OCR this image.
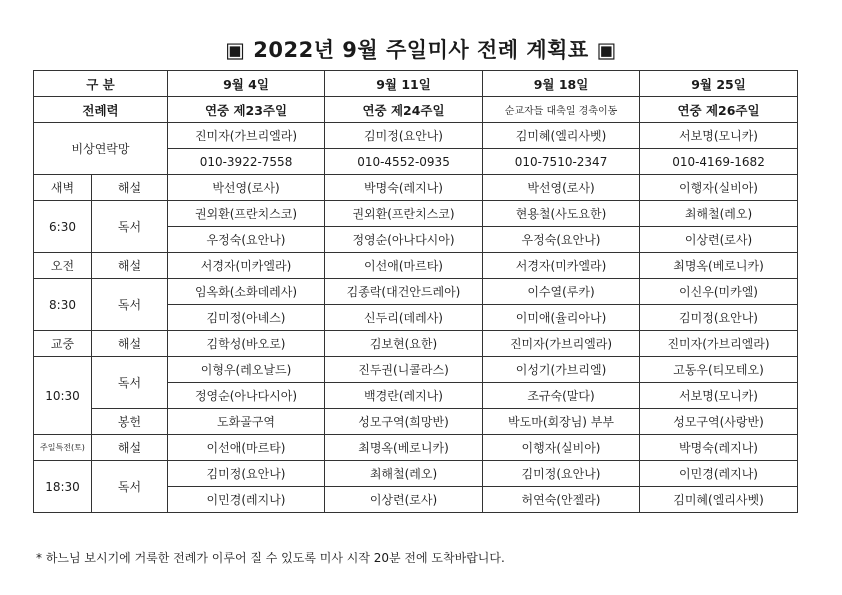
▣ 2022년 9월 주일미사 전례 계획표 ▣
구 분		9월 4일	9월 11일	9월 18일	9월 25일
전례력		연중 제23주일	연중 제24주일	순교자들 대축일 경축이동	연중 제26주일
비상연락망		진미자(가브리엘라)	김미정(요안나)	김미혜(엘리사벳)	서보명(모니카)
		010-3922-7558	010-4552-0935	010-7510-2347	010-4169-1682
새벽	해설	박선영(로사)	박명숙(레지나)	박선영(로사)	이행자(실비아)
6:30	독서	권외환(프란치스코)	권외환(프란치스코)	현용철(사도요한)	최해철(레오)
		우정숙(요안나)	정영순(아나다시아)	우정숙(요안나)	이상련(로사)
오전	해설	서경자(미카엘라)	이선애(마르타)	서경자(미카엘라)	최명옥(베로니카)
8:30	독서	임옥화(소화데레사)	김종락(대건안드레아)	이수열(루카)	이신우(미카엘)
		김미정(아녜스)	신두리(데레사)	이미애(율리아나)	김미정(요안나)
교중	해설	김학성(바오로)	김보현(요한)	진미자(가브리엘라)	진미자(가브리엘라)
10:30	독서	이형우(레오날드)	진두권(니콜라스)	이성기(가브리엘)	고동우(티모테오)
		정영순(아나다시아)	백경란(레지나)	조규숙(말다)	서보명(모니카)
	봉헌	도화골구역	성모구역(희망반)	박도마(회장님) 부부	성모구역(사랑반)
주일특전(토)	해설	이선애(마르타)	최명옥(베로니카)	이행자(실비아)	박명숙(레지나)
18:30	독서	김미정(요안나)	최해철(레오)	김미정(요안나)	이민경(레지나)
		이민경(레지나)	이상련(로사)	허연숙(안젤라)	김미혜(엘리사벳)
* 하느님 보시기에 거룩한 전례가 이루어 질 수 있도록 미사 시작 20분 전에 도착바랍니다.
